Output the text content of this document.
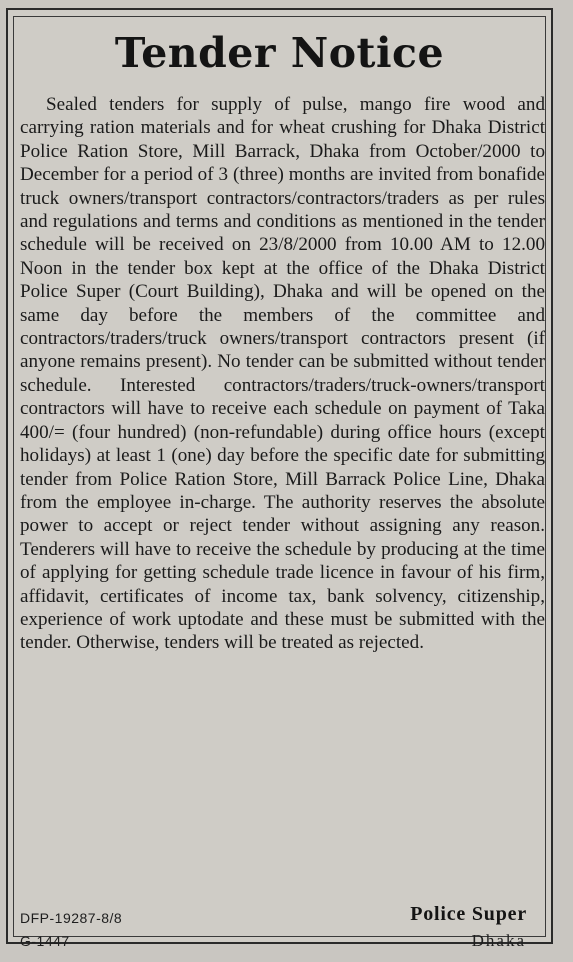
Tender Notice

Sealed tenders for supply of pulse, mango fire wood and carrying ration materials and for wheat crushing for Dhaka District Police Ration Store, Mill Barrack, Dhaka from October/2000 to December for a period of 3 (three) months are invited from bonafide truck owners/transport contractors/contractors/traders as per rules and regulations and terms and conditions as mentioned in the tender schedule will be received on 23/8/2000 from 10.00 AM to 12.00 Noon in the tender box kept at the office of the Dhaka District Police Super (Court Building), Dhaka and will be opened on the same day before the members of the committee and contractors/traders/truck owners/transport contractors present (if anyone remains present). No tender can be submitted without tender schedule. Interested contractors/traders/truck-owners/transport contractors will have to receive each schedule on payment of Taka 400/= (four hundred) (non-refundable) during office hours (except holidays) at least 1 (one) day before the specific date for submitting tender from Police Ration Store, Mill Barrack Police Line, Dhaka from the employee in-charge. The authority reserves the absolute power to accept or reject tender without assigning any reason. Tenderers will have to receive the schedule by producing at the time of applying for getting schedule trade licence in favour of his firm, affidavit, certificates of income tax, bank solvency, citizenship, experience of work uptodate and these must be submitted with the tender. Otherwise, tenders will be treated as rejected.

DFP-19287-8/8
G-1447
Police Super
Dhaka
